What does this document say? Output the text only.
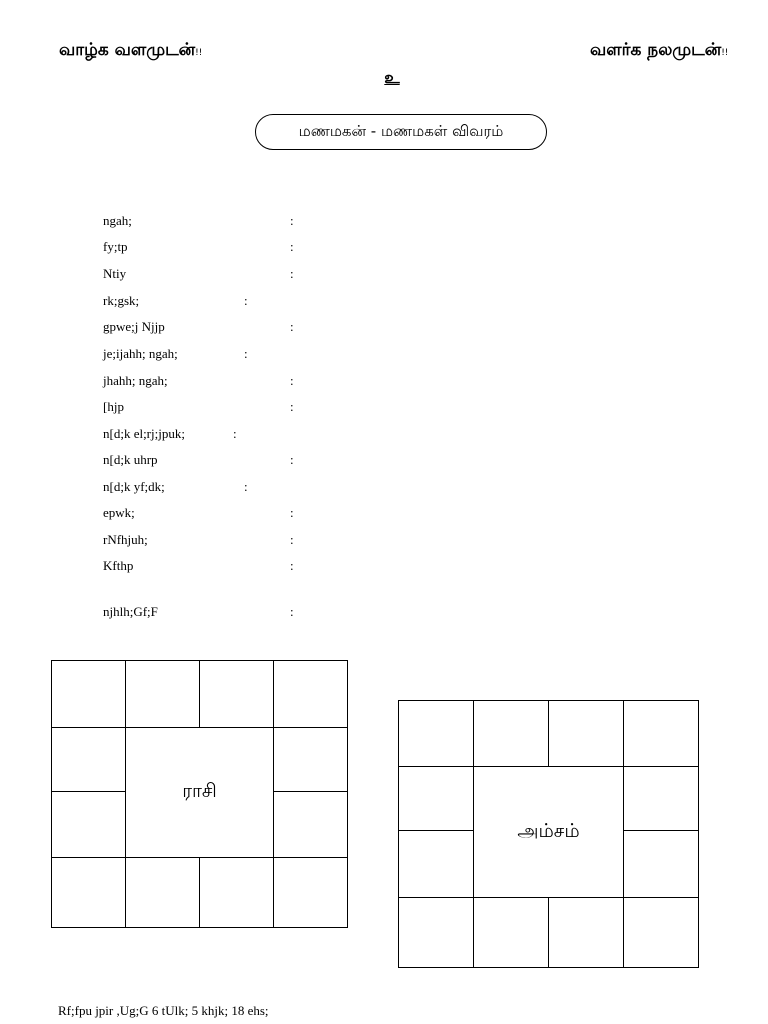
வாழ்க வளமுடன்!!	வளர்க நலமுடன்!!
உ
மணமகன் - மணமகள் விவரம்
ngah;	:
fy;tp	:
Ntiy	:
rk;gsk;	:
gpwe;j Njjp	:
je;ijahh; ngah;	:
jhahh; ngah;	:
[hjp	:
n[d;k el;rj;jpuk;	:
n[d;k uhrp	:
n[d;k yf;dk;	:
epwk;	:
rNfhjuh;	:
Kfthp	:
njhlh;Gf;F	:

	ராசி		

	அம்சம்		

Rf;fpu jpir ,Ug;G 6 tUlk; 5 khjk; 18 ehs;
